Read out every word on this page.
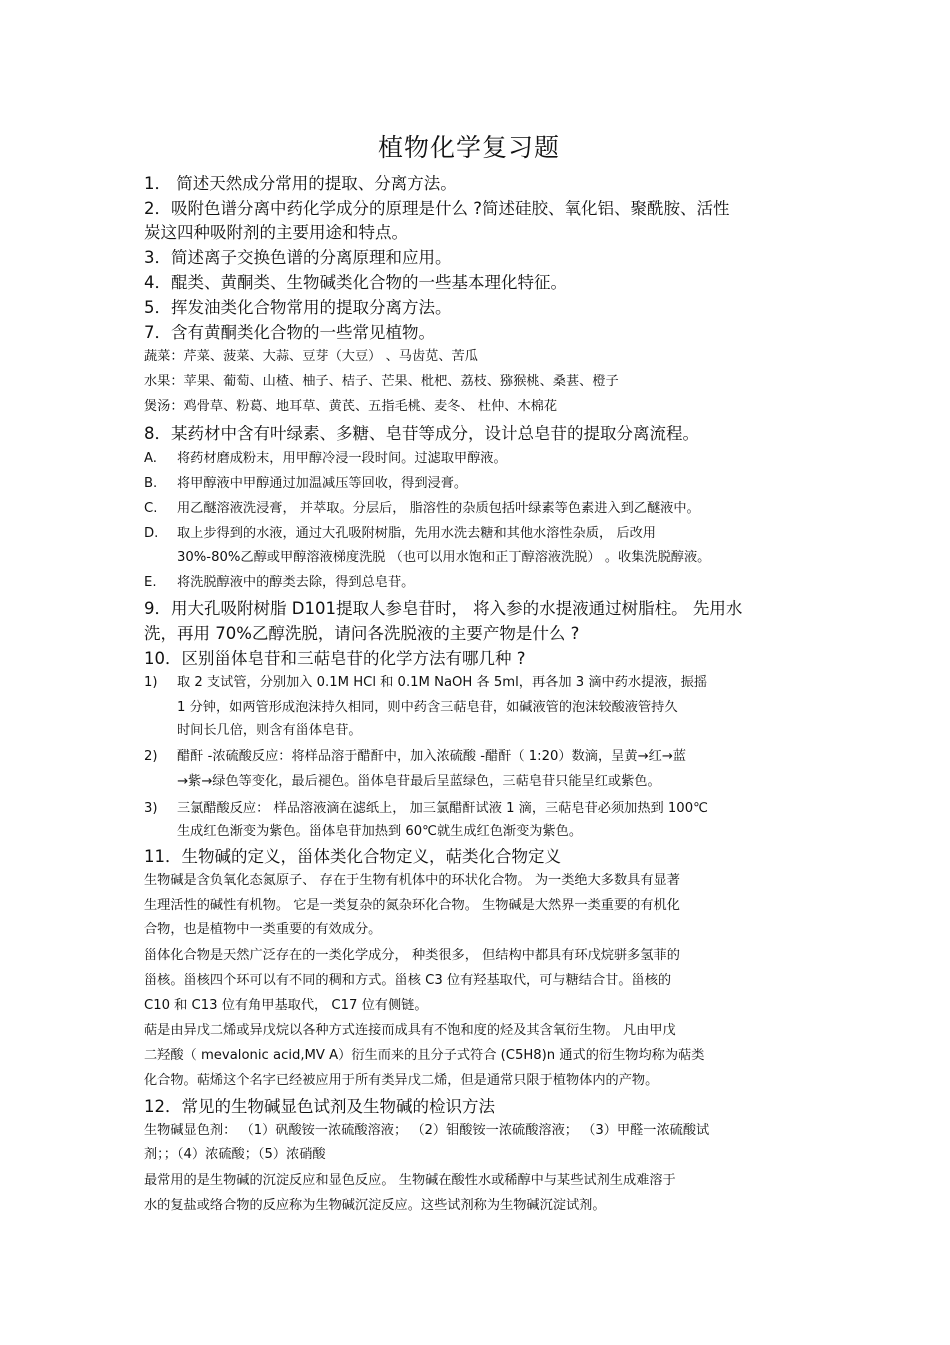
植物化学复习题
1． 简述天然成分常用的提取、分离方法。
2．吸附色谱分离中药化学成分的原理是什么 ?简述硅胶、氧化铝、聚酰胺、活性
炭这四种吸附剂的主要用途和特点。
3．简述离子交换色谱的分离原理和应用。
4．醌类、黄酮类、生物碱类化合物的一些基本理化特征。
5．挥发油类化合物常用的提取分离方法。
7．含有黄酮类化合物的一些常见植物。
蔬菜：芹菜、菠菜、大蒜、豆芽（大豆） 、马齿苋、苦瓜
水果：苹果、葡萄、山楂、柚子、桔子、芒果、枇杷、荔枝、猕猴桃、桑葚、橙子
煲汤：鸡骨草、粉葛、地耳草、黄芪、五指毛桃、麦冬、 杜仲、木棉花
8．某药材中含有叶绿素、多糖、皂苷等成分，设计总皂苷的提取分离流程。
A. 将药材磨成粉末，用甲醇冷浸一段时间。过滤取甲醇液。
B. 将甲醇液中甲醇通过加温减压等回收，得到浸膏。
C. 用乙醚溶液洗浸膏， 并萃取。分层后， 脂溶性的杂质包括叶绿素等色素进入到乙醚液中。
D. 取上步得到的水液，通过大孔吸附树脂，先用水洗去糖和其他水溶性杂质， 后改用
30%-80%乙醇或甲醇溶液梯度洗脱 （也可以用水饱和正丁醇溶液洗脱） 。收集洗脱醇液。
E. 将洗脱醇液中的醇类去除，得到总皂苷。
9．用大孔吸附树脂 D101提取人参皂苷时， 将入参的水提液通过树脂柱。 先用水
洗，再用 70%乙醇洗脱，请问各洗脱液的主要产物是什么 ?
10．区别甾体皂苷和三萜皂苷的化学方法有哪几种 ?
1) 取 2 支试管，分别加入 0.1M HCl 和 0.1M NaOH 各 5ml，再各加 3 滴中药水提液，振摇
1 分钟，如两管形成泡沫持久相同，则中药含三萜皂苷，如碱液管的泡沫较酸液管持久
时间长几倍，则含有甾体皂苷。
2) 醋酐 -浓硫酸反应：将样品溶于醋酐中，加入浓硫酸 -醋酐（ 1:20）数滴，呈黄→红→蓝
→紫→绿色等变化，最后褪色。甾体皂苷最后呈蓝绿色，三萜皂苷只能呈红或紫色。
3) 三氯醋酸反应： 样品溶液滴在滤纸上， 加三氯醋酐试液 1 滴，三萜皂苷必须加热到 100℃
生成红色渐变为紫色。甾体皂苷加热到 60℃就生成红色渐变为紫色。
11．生物碱的定义，甾体类化合物定义，萜类化合物定义
生物碱是含负氧化态氮原子、 存在于生物有机体中的环状化合物。 为一类绝大多数具有显著
生理活性的碱性有机物。 它是一类复杂的氮杂环化合物。 生物碱是大然界一类重要的有机化
合物，也是植物中一类重要的有效成分。
甾体化合物是天然广泛存在的一类化学成分， 种类很多， 但结构中都具有环戊烷骈多氢菲的
甾核。甾核四个环可以有不同的稠和方式。甾核 C3 位有羟基取代，可与糖结合甘。甾核的
C10 和 C13 位有角甲基取代， C17 位有侧链。
萜是由异戊二烯或异戊烷以各种方式连接而成具有不饱和度的烃及其含氧衍生物。 凡由甲戊
二羟酸（ mevalonic acid,MV A）衍生而来的且分子式符合 (C5H8)n 通式的衍生物均称为萜类
化合物。萜烯这个名字已经被应用于所有类异戊二烯，但是通常只限于植物体内的产物。
12．常见的生物碱显色试剂及生物碱的检识方法
生物碱显色剂： （1）矾酸铵一浓硫酸溶液； （2）钼酸铵一浓硫酸溶液； （3）甲醛一浓硫酸试
剂；；（4）浓硫酸；（5）浓硝酸
最常用的是生物碱的沉淀反应和显色反应。 生物碱在酸性水或稀醇中与某些试剂生成难溶于
水的复盐或络合物的反应称为生物碱沉淀反应。这些试剂称为生物碱沉淀试剂。
